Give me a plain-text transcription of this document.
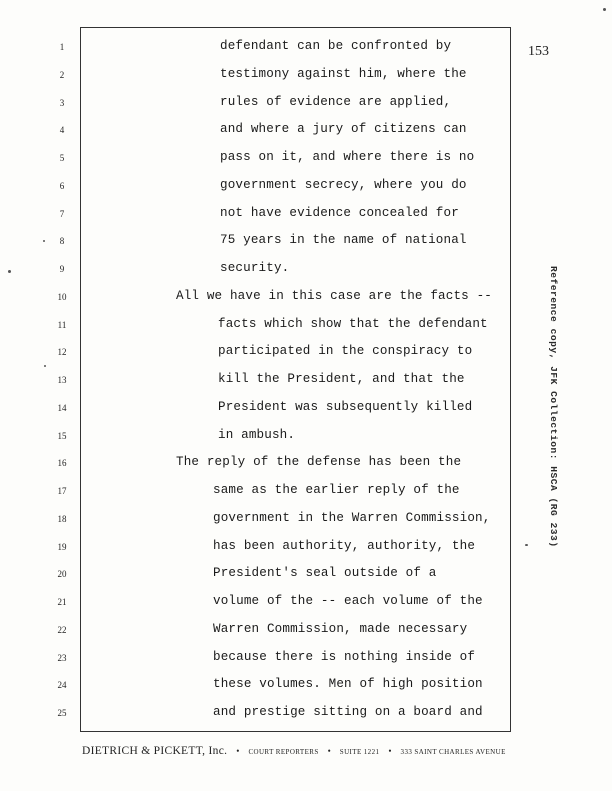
153
1
2
3
4
5
6
7
8
9
10
11
12
13
14
15
16
17
18
19
20
21
22
23
24
25
defendant can be confronted by
testimony against him, where the
rules of evidence are applied,
and where a jury of citizens can
pass on it, and where there is no
government secrecy, where you do
not have evidence concealed for
75 years in the name of national
security.
All we have in this case are the facts --
facts which show that the defendant
participated in the conspiracy to
kill the President, and that the
President was subsequently killed
in ambush.
The reply of the defense has been the
same as the earlier reply of the
government in the Warren Commission,
has been authority, authority, the
President's seal outside of a
volume of the -- each volume of the
Warren Commission, made necessary
because there is nothing inside of
these volumes. Men of high position
and prestige sitting on a board and
Reference copy, JFK Collection: HSCA (RG 233)
DIETRICH & PICKETT, Inc. • COURT REPORTERS • SUITE 1221 • 333 SAINT CHARLES AVENUE
